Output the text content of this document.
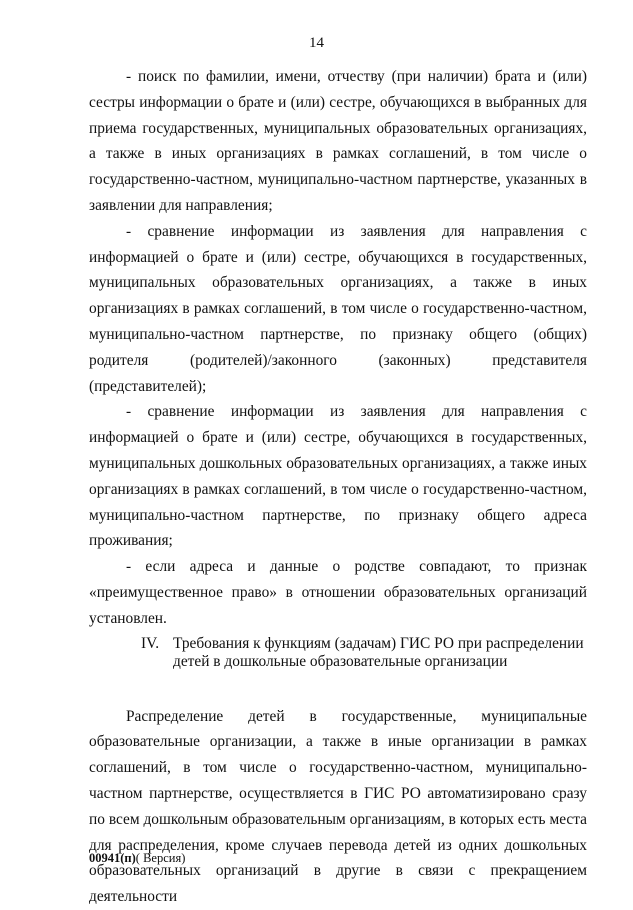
14

- поиск по фамилии, имени, отчеству (при наличии) брата и (или) сестры информации о брате и (или) сестре, обучающихся в выбранных для приема государственных, муниципальных образовательных организациях, а также в иных организациях в рамках соглашений, в том числе о государственно-частном, муниципально-частном партнерстве, указанных в заявлении для направления;

- сравнение информации из заявления для направления с информацией о брате и (или) сестре, обучающихся в государственных, муниципальных образовательных организациях, а также в иных организациях в рамках соглашений, в том числе о государственно-частном, муниципально-частном партнерстве, по признаку общего (общих) родителя (родителей)/законного (законных) представителя (представителей);

- сравнение информации из заявления для направления с информацией о брате и (или) сестре, обучающихся в государственных, муниципальных дошкольных образовательных организациях, а также иных организациях в рамках соглашений, в том числе о государственно-частном, муниципально-частном партнерстве, по признаку общего адреса проживания;

- если адреса и данные о родстве совпадают, то признак «преимущественное право» в отношении образовательных организаций установлен.

IV. Требования к функциям (задачам) ГИС РО при распределении детей в дошкольные образовательные организации

Распределение детей в государственные, муниципальные образовательные организации, а также в иные организации в рамках соглашений, в том числе о государственно-частном, муниципально-частном партнерстве, осуществляется в ГИС РО автоматизировано сразу по всем дошкольным образовательным организациям, в которых есть места для распределения, кроме случаев перевода детей из одних дошкольных образовательных организаций в другие в связи с прекращением деятельности

00941(п)( Версия)
